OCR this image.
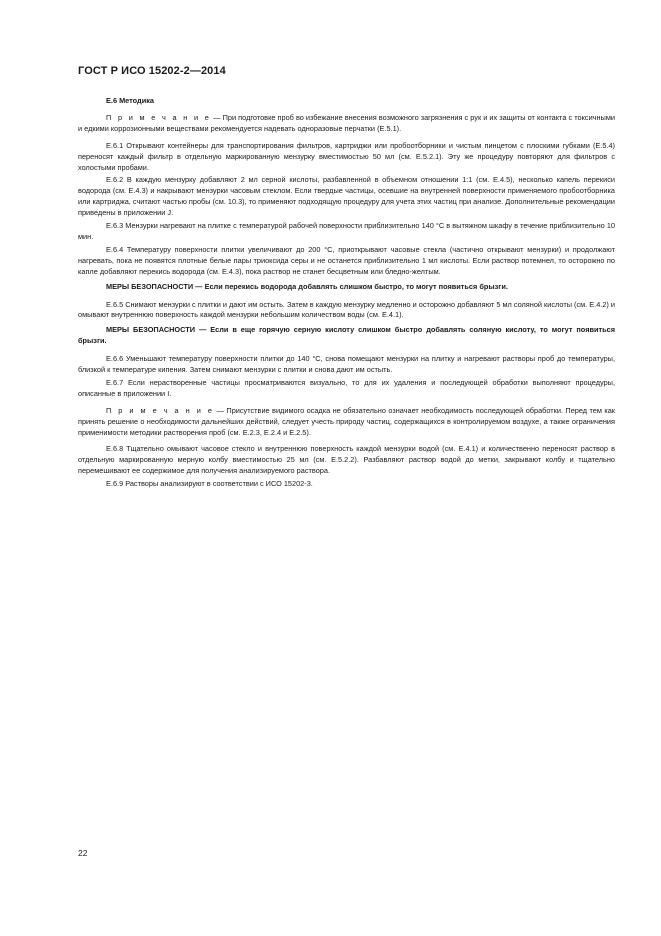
ГОСТ Р ИСО 15202-2—2014
Е.6 Методика

П р и м е ч а н и е — При подготовке проб во избежание внесения возможного загрязнения с рук и их защиты от контакта с токсичными и едкими коррозионными веществами рекомендуется надевать одноразовые перчатки (Е.5.1).

Е.6.1 Открывают контейнеры для транспортирования фильтров, картриджи или пробоотборники и чистым пинцетом с плоскими губками (Е.5.4) переносят каждый фильтр в отдельную маркированную мензурку вместимостью 50 мл (см. Е.5.2.1). Эту же процедуру повторяют для фильтров с холостыми пробами.

Е.6.2 В каждую мензурку добавляют 2 мл серной кислоты, разбавленной в объемном отношении 1:1 (см. Е.4.5), несколько капель перекиси водорода (см. Е.4.3) и накрывают мензурки часовым стеклом. Если твердые частицы, осевшие на внутренней поверхности применяемого пробоотборника или картриджа, считают частью пробы (см. 10.3), то применяют подходящую процедуру для учета этих частиц при анализе. Дополнительные рекомендации приведены в приложении J.

Е.6.3 Мензурки нагревают на плитке с температурой рабочей поверхности приблизительно 140 °С в вытяжном шкафу в течение приблизительно 10 мин.

Е.6.4 Температуру поверхности плитки увеличивают до 200 °С, приоткрывают часовые стекла (частично открывают мензурки) и продолжают нагревать, пока не появятся плотные белые пары триоксида серы и не останется приблизительно 1 мл кислоты. Если раствор потемнел, то осторожно по капле добавляют перекись водорода (см. Е.4.3), пока раствор не станет бесцветным или бледно-желтым.

МЕРЫ БЕЗОПАСНОСТИ — Если перекись водорода добавлять слишком быстро, то могут появиться брызги.

Е.6.5 Снимают мензурки с плитки и дают им остыть. Затем в каждую мензурку медленно и осторожно добавляют 5 мл соляной кислоты (см. Е.4.2) и омывают внутреннюю поверхность каждой мензурки небольшим количеством воды (см. Е.4.1).

МЕРЫ БЕЗОПАСНОСТИ — Если в еще горячую серную кислоту слишком быстро добавлять соляную кислоту, то могут появиться брызги.

Е.6.6 Уменьшают температуру поверхности плитки до 140 °С, снова помещают мензурки на плитку и нагревают растворы проб до температуры, близкой к температуре кипения. Затем снимают мензурки с плитки и снова дают им остыть.

Е.6.7 Если нерастворенные частицы просматриваются визуально, то для их удаления и последующей обработки выполняют процедуры, описанные в приложении I.

П р и м е ч а н и е — Присутствие видимого осадка не обязательно означает необходимость последующей обработки. Перед тем как принять решение о необходимости дальнейших действий, следует учесть природу частиц, содержащихся в контролируемом воздухе, а также ограничения применимости методики растворения проб (см. Е.2.3, Е.2.4 и Е.2.5).

Е.6.8 Тщательно омывают часовое стекло и внутреннюю поверхность каждой мензурки водой (см. Е.4.1) и количественно переносят раствор в отдельную маркированную мерную колбу вместимостью 25 мл (см. Е.5.2.2). Разбавляют раствор водой до метки, закрывают колбу и тщательно перемешивают ее содержимое для получения анализируемого раствора.

Е.6.9 Растворы анализируют в соответствии с ИСО 15202-3.

22
